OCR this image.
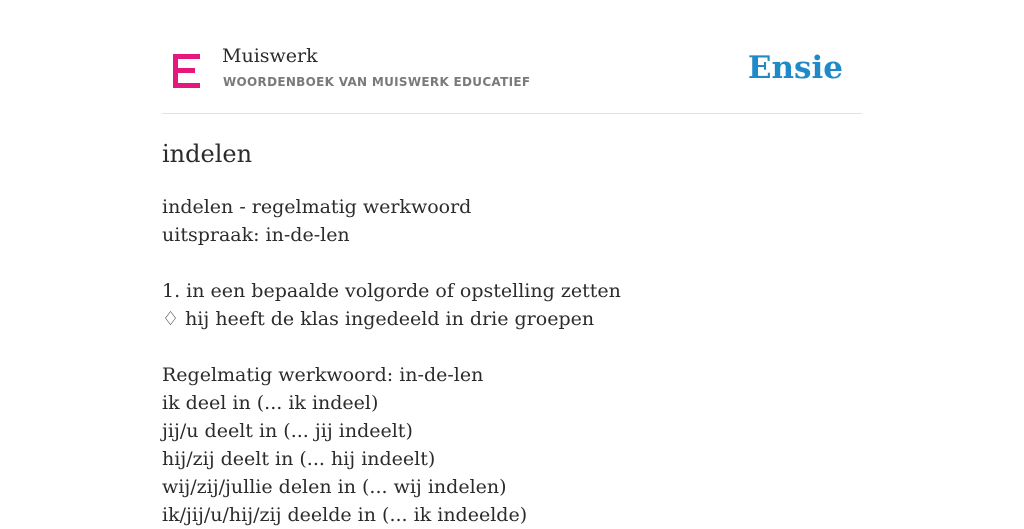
Muiswerk
WOORDENBOEK VAN MUISWERK EDUCATIEF	Ensie
indelen
indelen - regelmatig werkwoord
uitspraak: in-de-len
1. in een bepaalde volgorde of opstelling zetten
♢ hij heeft de klas ingedeeld in drie groepen
Regelmatig werkwoord: in-de-len
ik deel in (... ik indeel)
jij/u deelt in (... jij indeelt)
hij/zij deelt in (... hij indeelt)
wij/zij/jullie delen in (... wij indelen)
ik/jij/u/hij/zij deelde in (... ik indeelde)
